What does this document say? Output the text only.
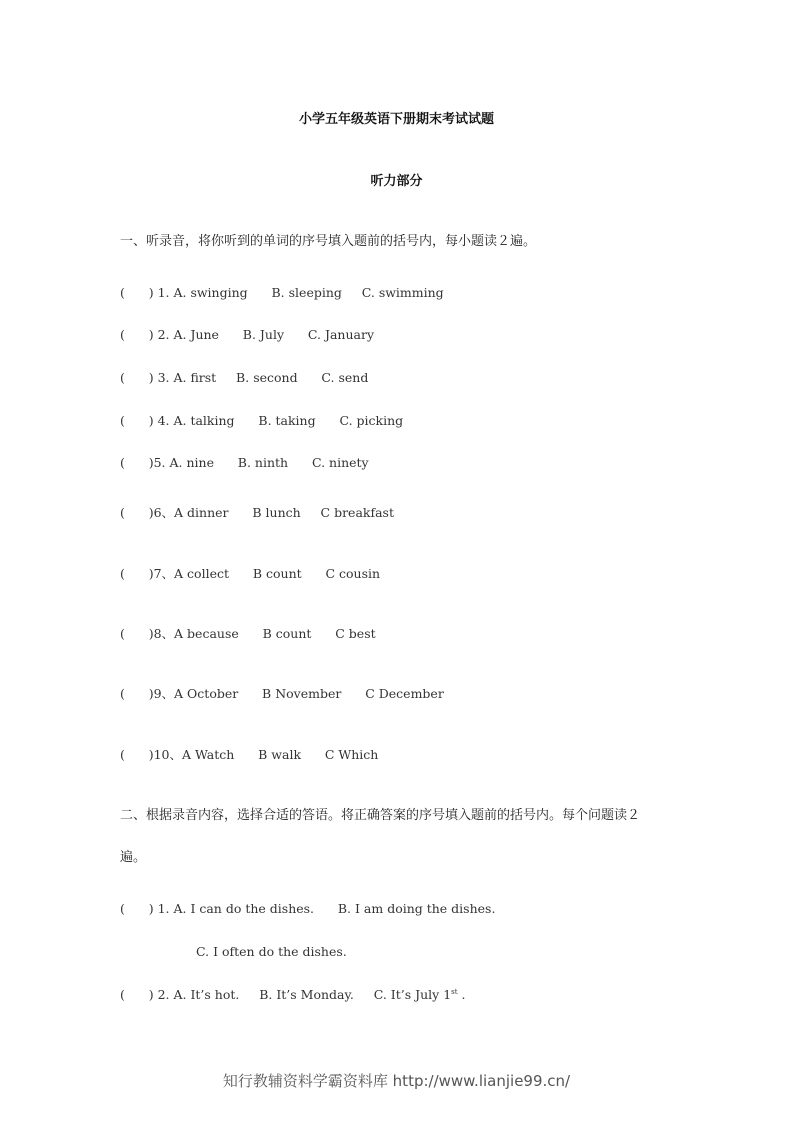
小学五年级英语下册期末考试试题
听力部分
一、听录音，将你听到的单词的序号填入题前的括号内，每小题读２遍。
(      ) 1. A. swinging      B. sleeping     C. swimming
(      ) 2. A. June      B. July      C. January
(      ) 3. A. first     B. second      C. send
(      ) 4. A. talking      B. taking      C. picking
(      )5. A. nine      B. ninth      C. ninety
(      )6、A dinner      B lunch     C breakfast
(      )7、A collect      B count      C cousin
(      )8、A because      B count      C best
(      )9、A October      B November      C December
(      )10、A Watch      B walk      C Which
二、根据录音内容，选择合适的答语。将正确答案的序号填入题前的括号内。每个问题读２
遍。
(      ) 1. A. I can do the dishes.      B. I am doing the dishes.
C. I often do the dishes.
(      ) 2. A. It’s hot.     B. It’s Monday.     C. It’s July 1st .
知行教辅资料学霸资料库 http://www.lianjie99.cn/
